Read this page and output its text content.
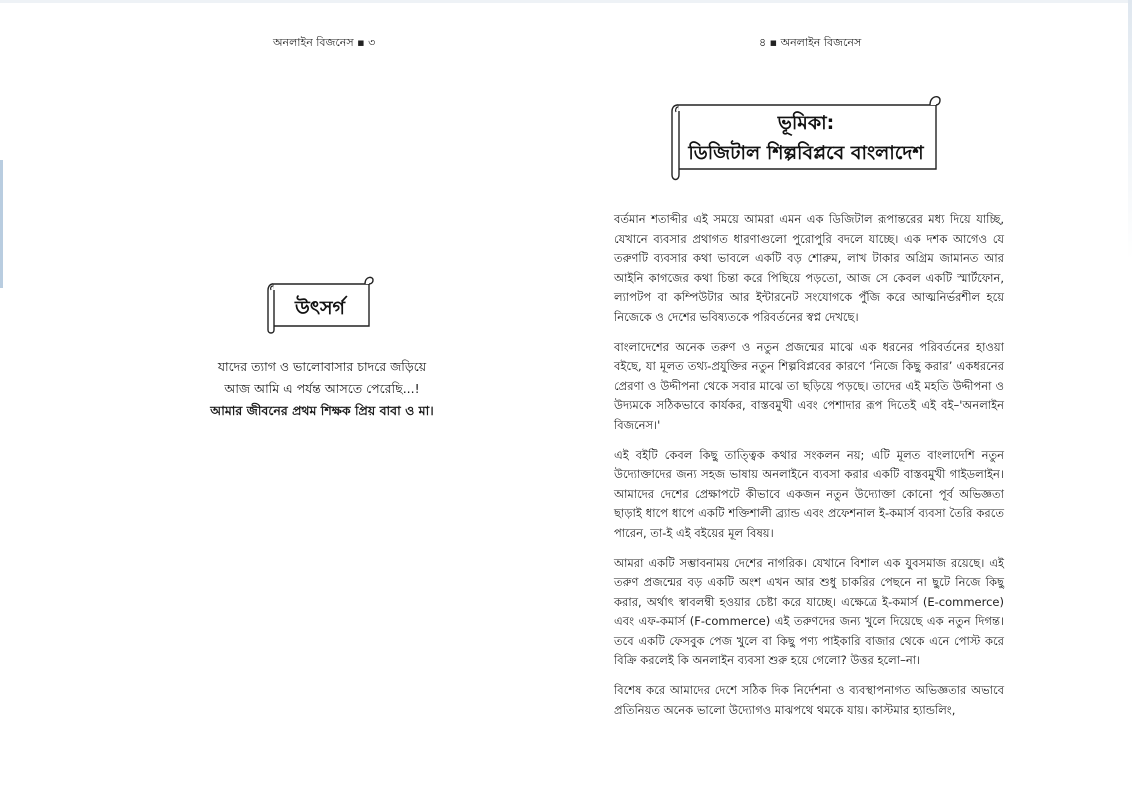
অনলাইন বিজনেস ▪ ৩
উৎসর্গ
যাদের ত্যাগ ও ভালোবাসার চাদরে জড়িয়ে
আজ আমি এ পর্যন্ত আসতে পেরেছি...!
আমার জীবনের প্রথম শিক্ষক প্রিয় বাবা ও মা।
৪ ▪ অনলাইন বিজনেস
ভূমিকা:
ডিজিটাল শিল্পবিপ্লবে বাংলাদেশ

বর্তমান শতাব্দীর এই সময়ে আমরা এমন এক ডিজিটাল রূপান্তরের মধ্য দিয়ে যাচ্ছি, যেখানে ব্যবসার প্রথাগত ধারণাগুলো পুরোপুরি বদলে যাচ্ছে। এক দশক আগেও যে তরুণটি ব্যবসার কথা ভাবলে একটি বড় শোরুম, লাখ টাকার অগ্রিম জামানত আর আইনি কাগজের কথা চিন্তা করে পিছিয়ে পড়তো, আজ সে কেবল একটি স্মার্টফোন, ল্যাপটপ বা কম্পিউটার আর ইন্টারনেট সংযোগকে পুঁজি করে আত্মনির্ভরশীল হয়ে নিজেকে ও দেশের ভবিষ্যতকে পরিবর্তনের স্বপ্ন দেখছে।

বাংলাদেশের অনেক তরুণ ও নতুন প্রজন্মের মাঝে এক ধরনের পরিবর্তনের হাওয়া বইছে, যা মূলত তথ্য-প্রযুক্তির নতুন শিল্পবিপ্লবের কারণে ‘নিজে কিছু করার’ একধরনের প্রেরণা ও উদ্দীপনা থেকে সবার মাঝে তা ছড়িয়ে পড়ছে। তাদের এই মহতি উদ্দীপনা ও উদ্যমকে সঠিকভাবে কার্যকর, বাস্তবমুখী এবং পেশাদার রূপ দিতেই এই বই–'অনলাইন বিজনেস।'

এই বইটি কেবল কিছু তাত্ত্বিক কথার সংকলন নয়; এটি মূলত বাংলাদেশি নতুন উদ্যোক্তাদের জন্য সহজ ভাষায় অনলাইনে ব্যবসা করার একটি বাস্তবমুখী গাইডলাইন। আমাদের দেশের প্রেক্ষাপটে কীভাবে একজন নতুন উদ্যোক্তা কোনো পূর্ব অভিজ্ঞতা ছাড়াই ধাপে ধাপে একটি শক্তিশালী ব্র্যান্ড এবং প্রফেশনাল ই-কমার্স ব্যবসা তৈরি করতে পারেন, তা-ই এই বইয়ের মূল বিষয়।

আমরা একটি সম্ভাবনাময় দেশের নাগরিক। যেখানে বিশাল এক যুবসমাজ রয়েছে। এই তরুণ প্রজন্মের বড় একটি অংশ এখন আর শুধু চাকরির পেছনে না ছুটে নিজে কিছু করার, অর্থাৎ স্বাবলম্বী হওয়ার চেষ্টা করে যাচ্ছে। এক্ষেত্রে ই-কমার্স (E-commerce) এবং এফ-কমার্স (F-commerce) এই তরুণদের জন্য খুলে দিয়েছে এক নতুন দিগন্ত। তবে একটি ফেসবুক পেজ খুলে বা কিছু পণ্য পাইকারি বাজার থেকে এনে পোস্ট করে বিক্রি করলেই কি অনলাইন ব্যবসা শুরু হয়ে গেলো? উত্তর হলো–না।

বিশেষ করে আমাদের দেশে সঠিক দিক নির্দেশনা ও ব্যবস্থাপনাগত অভিজ্ঞতার অভাবে প্রতিনিয়ত অনেক ভালো উদ্যোগও মাঝপথে থমকে যায়। কাস্টমার হ্যান্ডলিং,
